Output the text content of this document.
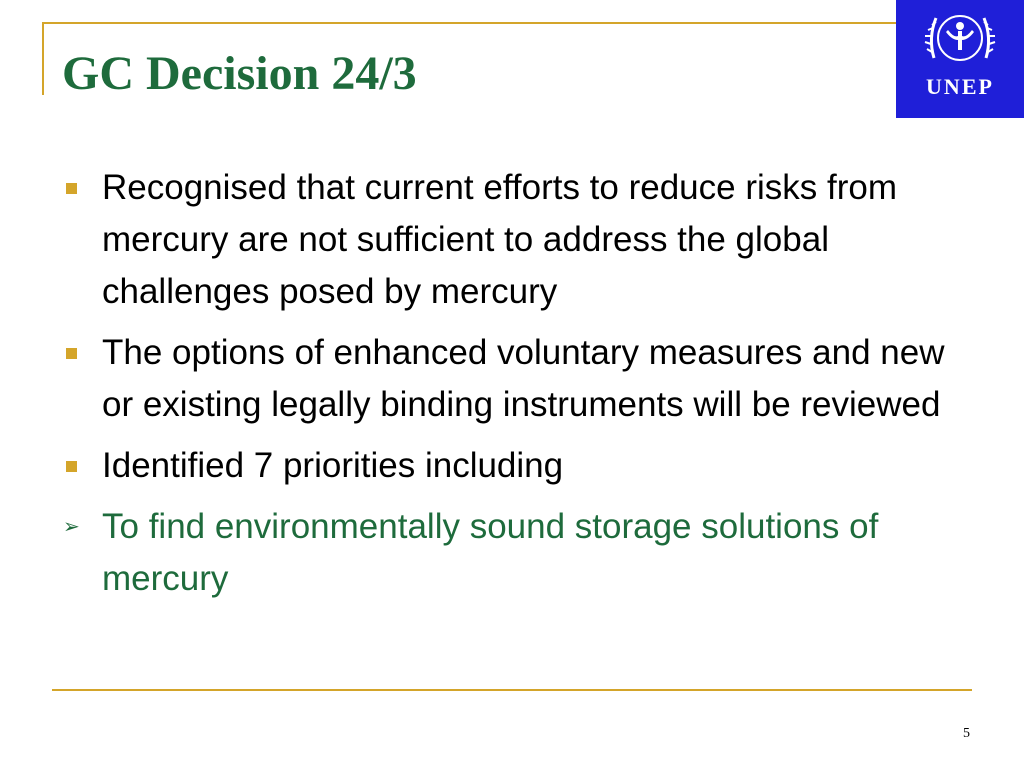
GC Decision 24/3	UNEP
Recognised that current efforts to reduce risks from mercury are not sufficient to address the global challenges posed by mercury
The options of enhanced voluntary measures and new or existing legally binding instruments will be reviewed
Identified 7 priorities including
➢ To find environmentally sound storage solutions of mercury
5
